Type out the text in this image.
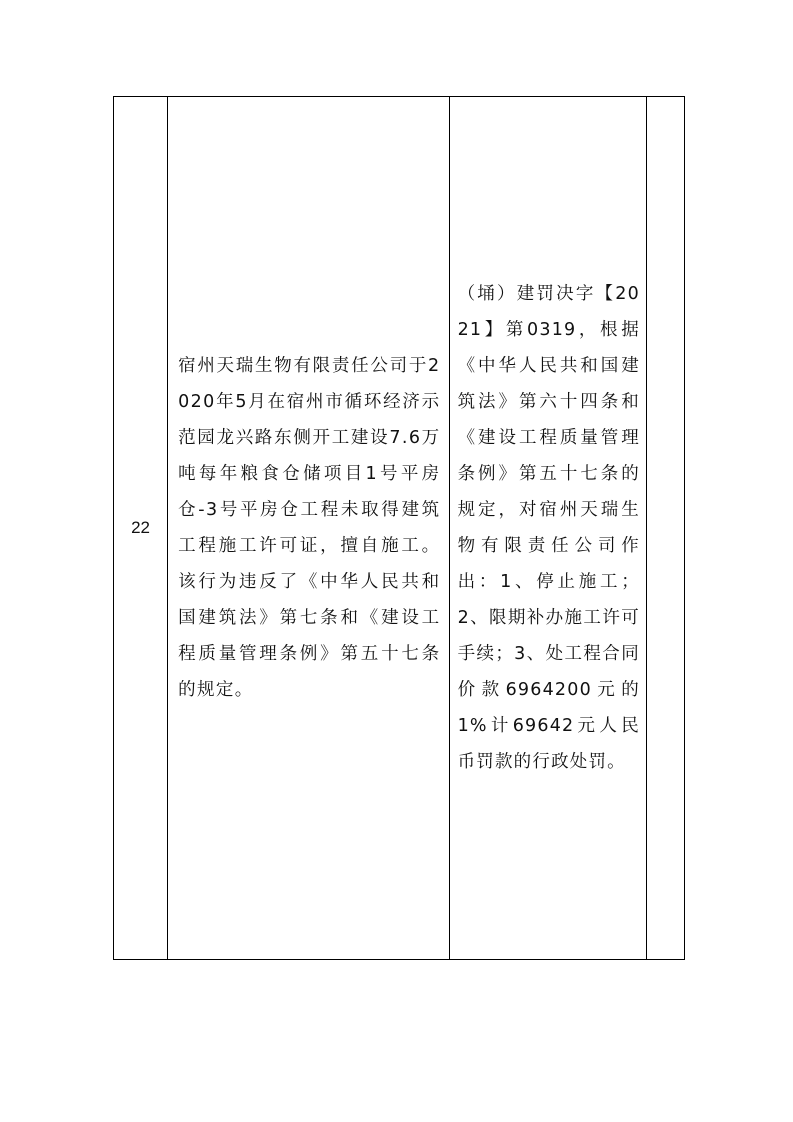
22	

宿州天瑞生物有限责任公司于2020年5月在宿州市循环经济示范园龙兴路东侧开工建设7.6万吨每年粮食仓储项目1号平房仓-3号平房仓工程未取得建筑工程施工许可证，擅自施工。该行为违反了《中华人民共和国建筑法》第七条和《建设工程质量管理条例》第五十七条的规定。

（埇）建罚决字【2021】第0319，根据《中华人民共和国建筑法》第六十四条和《建设工程质量管理条例》第五十七条的规定，对宿州天瑞生物有限责任公司作出：1、停止施工；2、限期补办施工许可手续；3、处工程合同价款6964200元的1%计69642元人民币罚款的行政处罚。
